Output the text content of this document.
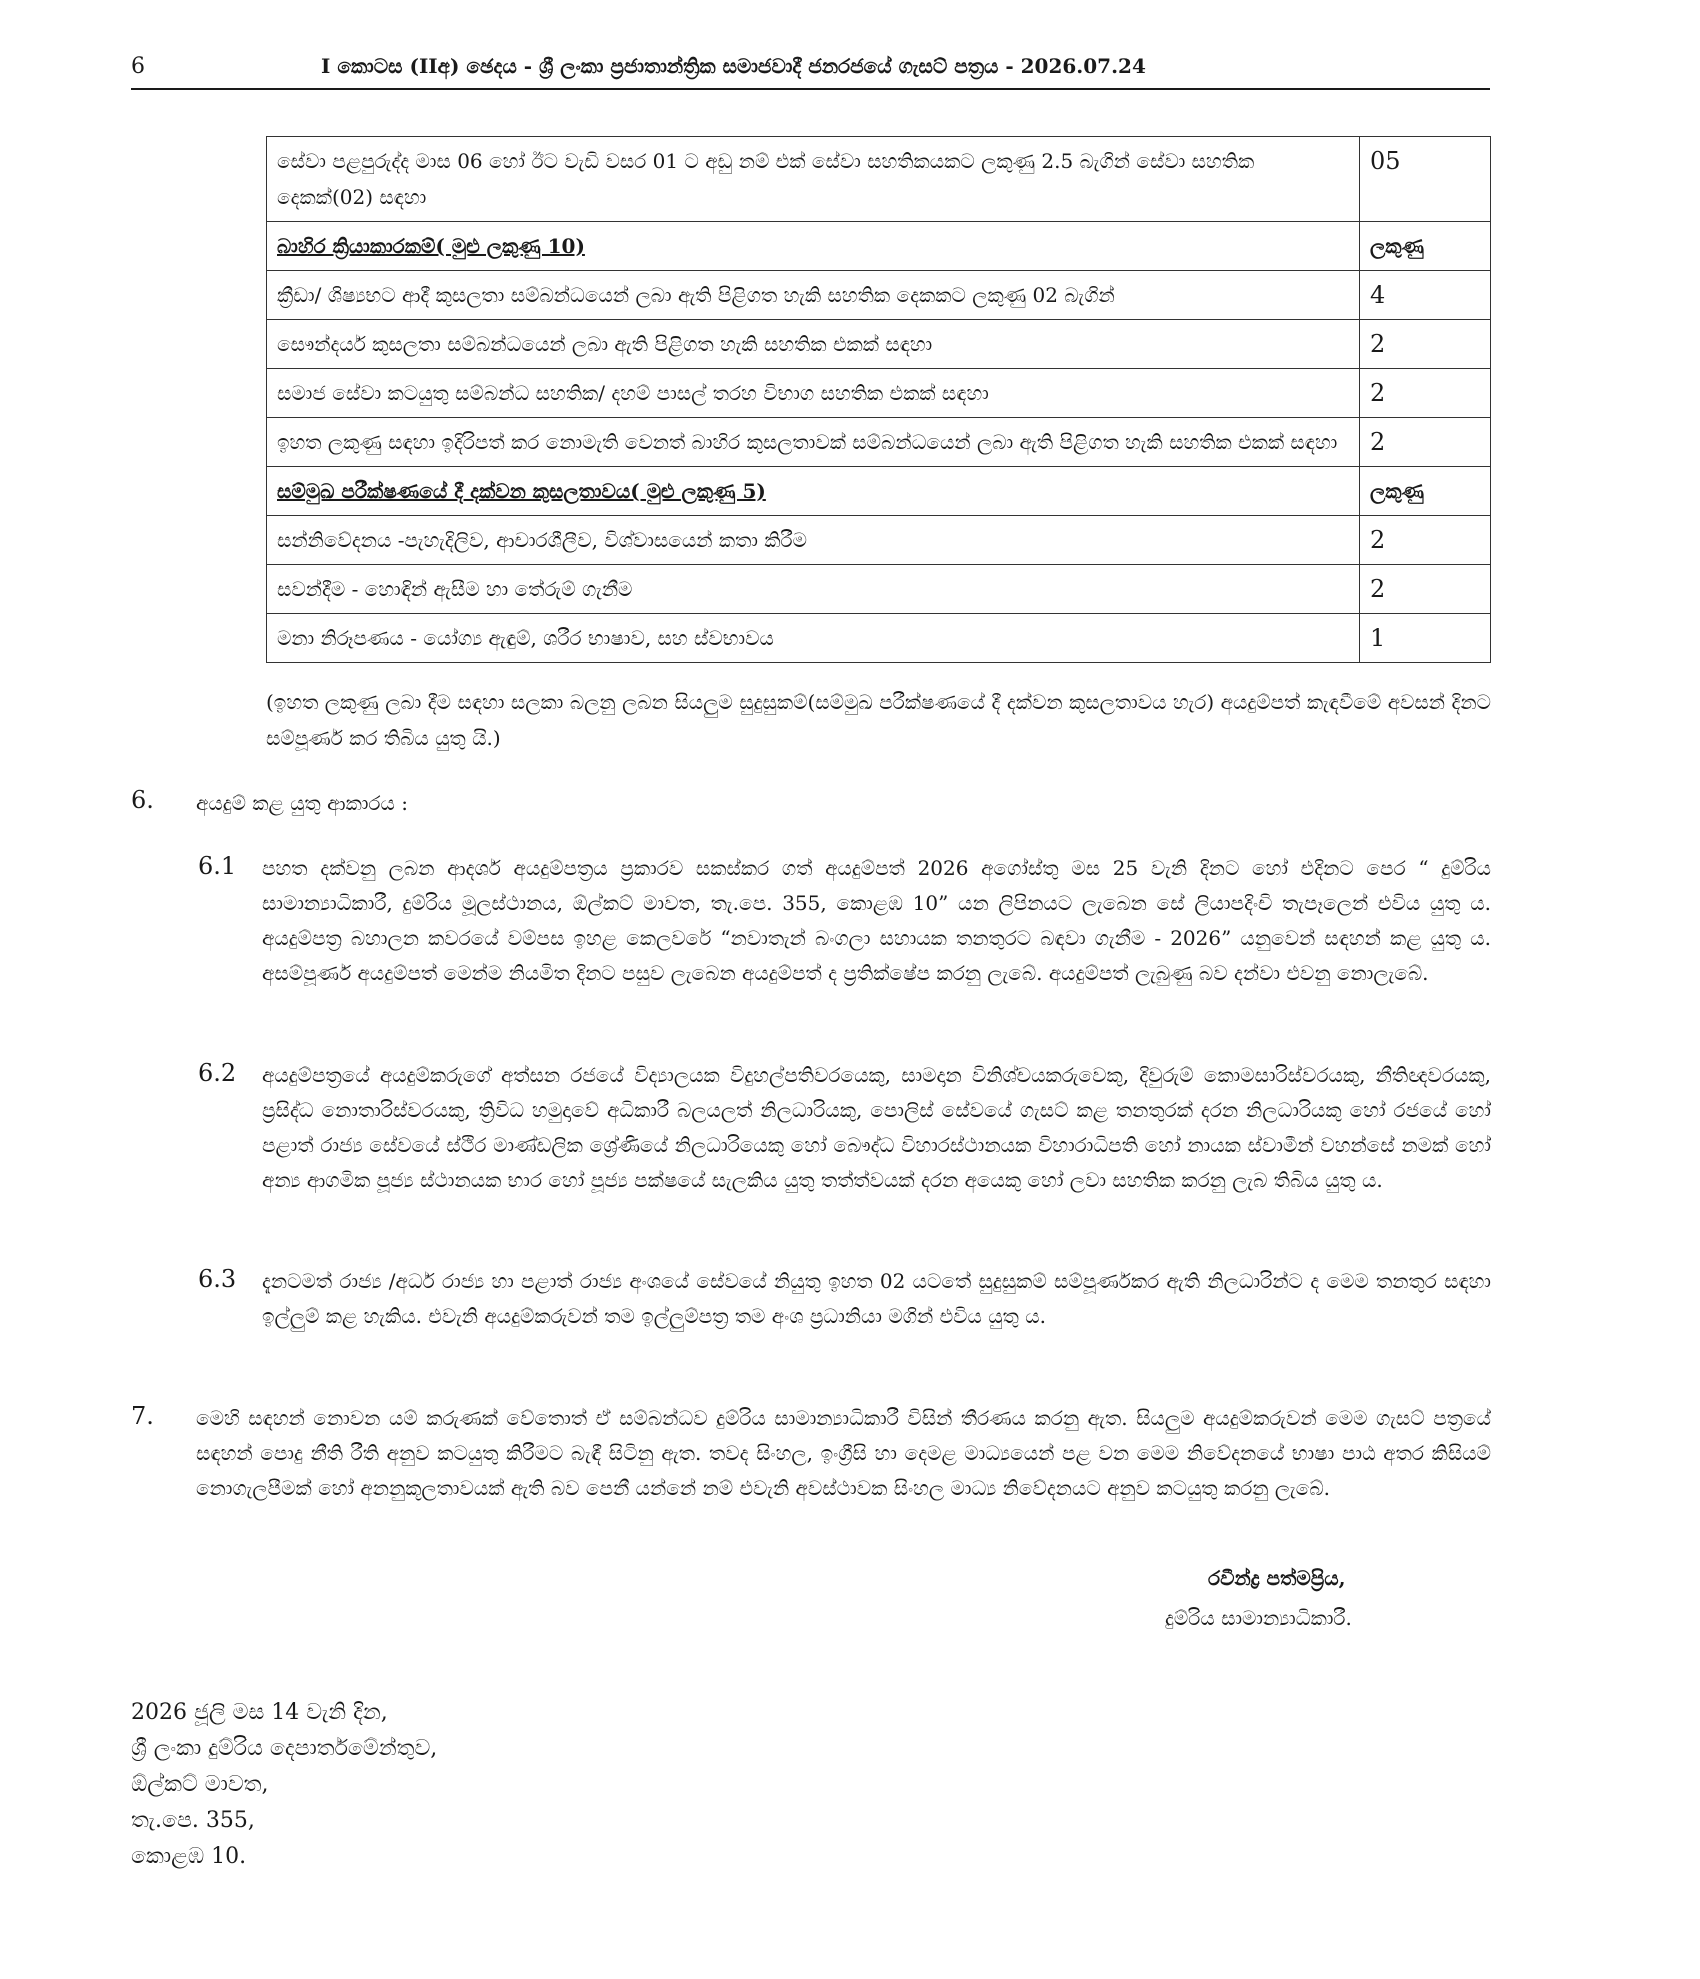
6	I කොටස (IIඅ) ඡෙදය - ශ්‍රී ලංකා ප්‍රජාතාන්ත්‍රික සමාජවාදී ජනරජයේ ගැසට් පත්‍රය - 2026.07.24
සේවා පළපුරුද්ද මාස 06 හෝ ඊට වැඩි වසර 01 ට අඩු නම් එක් සේවා සහතිකයකට ලකුණු 2.5 බැගින් සේවා සහතික දෙකක්(02) සඳහා	05
බාහිර ක්‍රියාකාරකම්( මුළු ලකුණු 10)	ලකුණු
ක්‍රීඩා/ ශිෂ්‍යභට ආදී කුසලතා සම්බන්ධයෙන් ලබා ඇති පිළිගත හැකි සහතික දෙකකට ලකුණු 02 බැගින්	4
සෞන්දර්ය කුසලතා සම්බන්ධයෙන් ලබා ඇති පිළිගත හැකි සහතික එකක් සඳහා	2
සමාජ සේවා කටයුතු සම්බන්ධ සහතික/ දහම් පාසල් තරහ විභාග සහතික එකක් සඳහා	2
ඉහත ලකුණු සඳහා ඉදිරිපත් කර නොමැති වෙනත් බාහිර කුසලතාවක් සම්බන්ධයෙන් ලබා ඇති පිළිගත හැකි සහතික එකක් සඳහා	2
සම්මුඛ පරීක්ෂණයේ දී දක්වන කුසලතාවය( මුළු ලකුණු 5)	ලකුණු
සන්නිවේදනය -පැහැදිලිව, ආචාරශීලීව, විශ්වාසයෙන් කතා කිරීම	2
සවන්දීම - හොඳින් ඇසීම හා තේරුම් ගැනීම	2
මනා නිරූපණය - යෝග්‍ය ඇඳුම්, ශරීර භාෂාව, සහ ස්වභාවය	1
(ඉහත ලකුණු ලබා දීම සඳහා සලකා බලනු ලබන සියලුම සුදුසුකම්(සම්මුඛ පරීක්ෂණයේ දී දක්වන කුසලතාවය හැර) අයදුම්පත් කැඳවීමේ අවසන් දිනට සම්පූර්ණ කර තිබිය යුතු යි.)
6. අයදුම් කළ යුතු ආකාරය :
6.1 පහත දක්වනු ලබන ආදර්ශ අයදුම්පත්‍රය ප්‍රකාරව සකස්කර ගත් අයදුම්පත් 2026 අගෝස්තු මස 25 වැනි දිනට හෝ එදිනට පෙර “ දුම්රිය සාමාන්‍යාධිකාරී, දුම්රිය මූලස්ථානය, ඕල්කට් මාවත, තැ.පෙ. 355, කොළඹ 10” යන ලිපිනයට ලැබෙන සේ ලියාපදිංචි තැපෑලෙන් එවිය යුතු ය. අයදුම්පත්‍ර බහාලන කවරයේ වම්පස ඉහළ කෙලවරේ “නවාතැන් බංගලා සහායක තනතුරට බඳවා ගැනීම - 2026” යනුවෙන් සඳහන් කළ යුතු ය. අසම්පූර්ණ අයදුම්පත් මෙන්ම නියමිත දිනට පසුව ලැබෙන අයදුම්පත් ද ප්‍රතික්ෂේප කරනු ලැබේ. අයදුම්පත් ලැබුණු බව දන්වා එවනු නොලැබේ.
6.2 අයදුම්පත්‍රයේ අයදුම්කරුගේ අත්සන රජයේ විද්‍යාලයක විදුහල්පතිවරයෙකු, සාමදාන විනිශ්චයකරුවෙකු, දිවුරුම් කොමසාරිස්වරයකු, නීතිඥවරයකු, ප්‍රසිද්ධ නොතාරිස්වරයකු, ත්‍රිවිධ හමුදාවේ අධිකාරී බලයලත් නිලධාරියකු, පොලිස් සේවයේ ගැසට් කළ තනතුරක් දරන නිලධාරියකු හෝ රජයේ හෝ පළාත් රාජ්‍ය සේවයේ ස්ථිර මාණ්ඩලික ශ්‍රේණියේ නිලධාරියෙකු හෝ බෞද්ධ විහාරස්ථානයක විහාරාධිපති හෝ නායක ස්වාමීන් වහන්සේ නමක් හෝ අන්‍ය ආගමික පූජ්‍ය ස්ථානයක භාර හෝ පූජ්‍ය පක්ෂයේ සැලකිය යුතු තත්ත්වයක් දරන අයෙකු හෝ ලවා සහතික කරනු ලැබ තිබිය යුතු ය.
6.3 දැනටමත් රාජ්‍ය /අර්ධ රාජ්‍ය හා පළාත් රාජ්‍ය අංශයේ සේවයේ නියුතු ඉහත 02 යටතේ සුදුසුකම් සම්පූර්ණකර ඇති නිලධාරින්ට ද මෙම තනතුර සඳහා ඉල්ලුම් කළ හැකිය. එවැනි අයදුම්කරුවන් තම ඉල්ලුම්පත්‍ර තම අංශ ප්‍රධානියා මගින් එවිය යුතු ය.
7. මෙහි සඳහන් නොවන යම් කරුණක් වේතොත් ඒ සම්බන්ධව දුම්රිය සාමාන්‍යාධිකාරී විසින් තීරණය කරනු ඇත. සියලුම අයදුම්කරුවන් මෙම ගැසට් පත්‍රයේ සඳහන් පොදු නීති රීති අනුව කටයුතු කිරීමට බැඳී සිටිනු ඇත. තවද සිංහල, ඉංග්‍රීසි හා දෙමළ මාධ්‍යයෙන් පළ වන මෙම නිවේදනයේ භාෂා පාඨ අතර කිසියම් නොගැලපීමක් හෝ අනනුකූලතාවයක් ඇති බව පෙනී යන්නේ නම් එවැනි අවස්ථාවක සිංහල මාධ්‍ය නිවේදනයට අනුව කටයුතු කරනු ලැබේ.
රවීන්ද්‍ර පත්මප්‍රිය,
දුම්රිය සාමාන්‍යාධිකාරී.
2026 ජූලි මස 14 වැනි දින,
ශ්‍රී ලංකා දුම්රිය දෙපාර්තමේන්තුව,
ඕල්කට් මාවත,
තැ.පෙ. 355,
කොළඹ 10.
